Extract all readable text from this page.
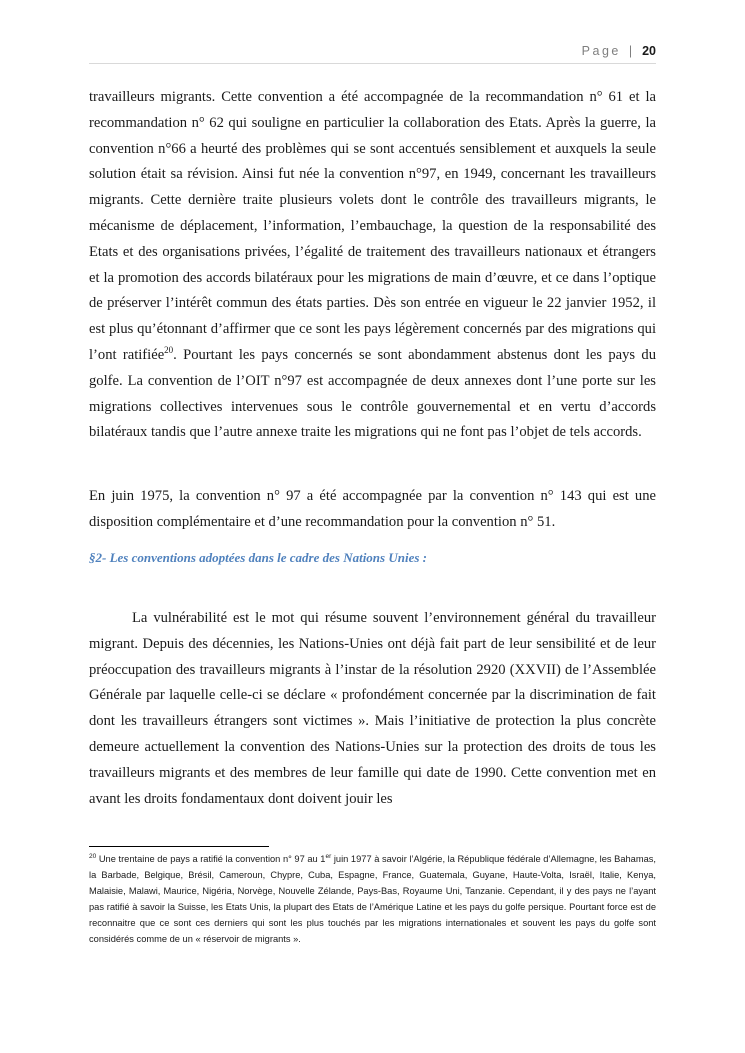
Page | 20

travailleurs migrants. Cette convention a été accompagnée de la recommandation n° 61 et la recommandation n° 62 qui souligne en particulier la collaboration des Etats. Après la guerre, la convention n°66 a heurté des problèmes qui se sont accentués sensiblement et auxquels la seule solution était sa révision. Ainsi fut née la convention n°97, en 1949, concernant les travailleurs migrants. Cette dernière traite plusieurs volets dont le contrôle des travailleurs migrants, le mécanisme de déplacement, l’information, l’embauchage, la question de la responsabilité des Etats et des organisations privées, l’égalité de traitement des travailleurs nationaux et étrangers et la promotion des accords bilatéraux pour les migrations de main d’œuvre, et ce dans l’optique de préserver l’intérêt commun des états parties. Dès son entrée en vigueur le 22 janvier 1952, il est plus qu’étonnant d’affirmer que ce sont les pays légèrement concernés par des migrations qui l’ont ratifiée$^{20}$. Pourtant les pays concernés se sont abondamment abstenus dont les pays du golfe. La convention de l’OIT n°97 est accompagnée de deux annexes dont l’une porte sur les migrations collectives intervenues sous le contrôle gouvernemental et en vertu d’accords bilatéraux tandis que l’autre annexe traite les migrations qui ne font pas l’objet de tels accords.

En juin 1975, la convention n° 97 a été accompagnée par la convention n° 143 qui est une disposition complémentaire et d’une recommandation pour la convention n° 51.

§2- Les conventions adoptées dans le cadre des Nations Unies :

La vulnérabilité est le mot qui résume souvent l’environnement général du travailleur migrant. Depuis des décennies, les Nations-Unies ont déjà fait part de leur sensibilité et de leur préoccupation des travailleurs migrants à l’instar de la résolution 2920 (XXVII) de l’Assemblée Générale par laquelle celle-ci se déclare « profondément concernée par la discrimination de fait dont les travailleurs étrangers sont victimes ». Mais l’initiative de protection la plus concrète demeure actuellement la convention des Nations-Unies sur la protection des droits de tous les travailleurs migrants et des membres de leur famille qui date de 1990. Cette convention met en avant les droits fondamentaux dont doivent jouir les

$^{20}$ Une trentaine de pays a ratifié la convention n° 97 au 1er juin 1977 à savoir l’Algérie, la République fédérale d’Allemagne, les Bahamas, la Barbade, Belgique, Brésil, Cameroun, Chypre, Cuba, Espagne, France, Guatemala, Guyane, Haute-Volta, Israël, Italie, Kenya, Malaisie, Malawi, Maurice, Nigéria, Norvège, Nouvelle Zélande, Pays-Bas, Royaume Uni, Tanzanie. Cependant, il y des pays ne l’ayant pas ratifié à savoir la Suisse, les Etats Unis, la plupart des Etats de l’Amérique Latine et les pays du golfe persique. Pourtant force est de reconnaitre que ce sont ces derniers qui sont les plus touchés par les migrations internationales et souvent les pays du golfe sont considérés comme de un « réservoir de migrants ».
